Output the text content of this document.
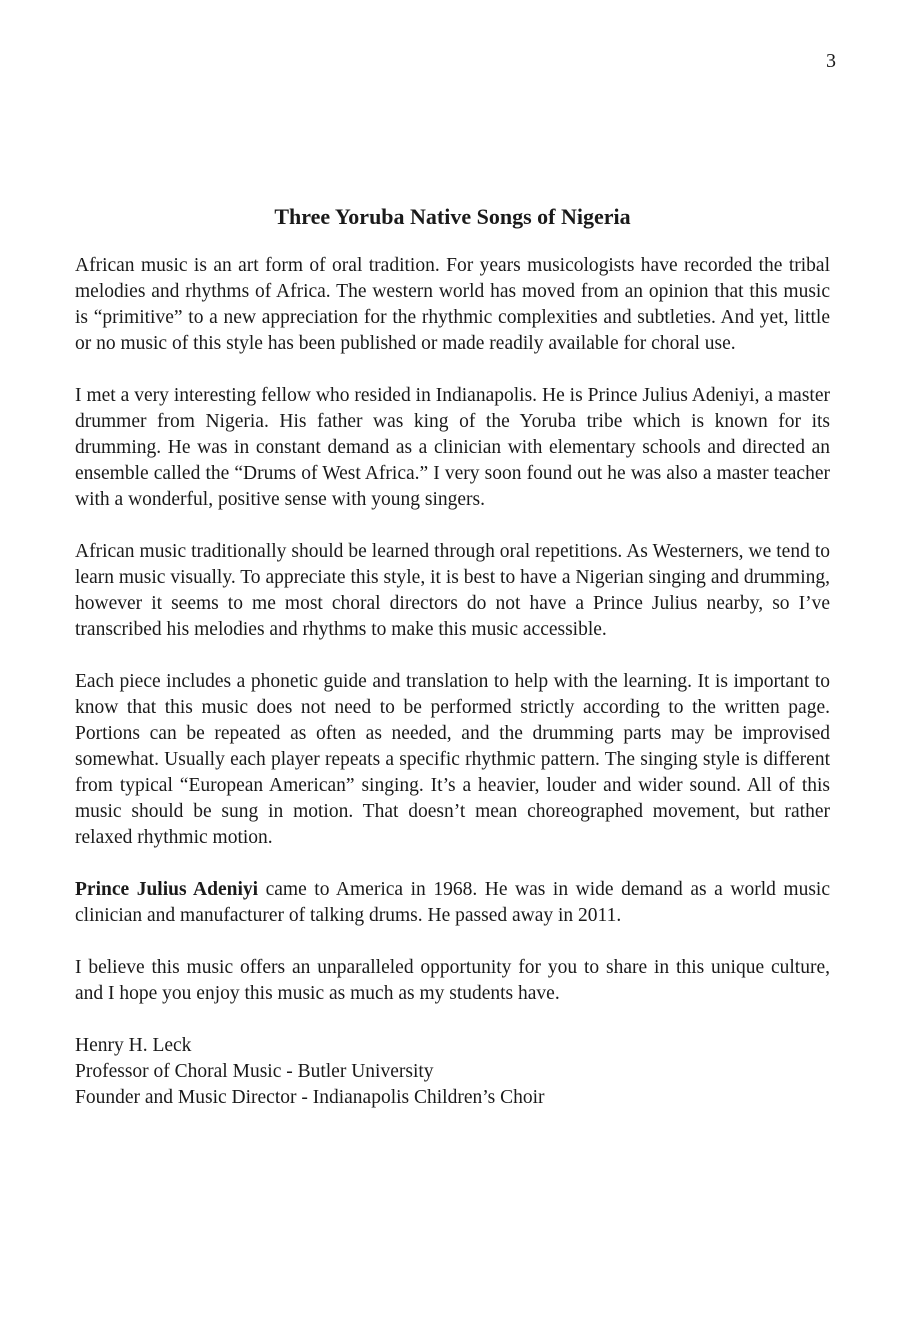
3
Three Yoruba Native Songs of Nigeria

African music is an art form of oral tradition. For years musicologists have recorded the tribal melodies and rhythms of Africa. The western world has moved from an opinion that this music is “primitive” to a new appreciation for the rhythmic complexities and subtleties. And yet, little or no music of this style has been published or made readily available for choral use.

I met a very interesting fellow who resided in Indianapolis. He is Prince Julius Adeniyi, a master drummer from Nigeria. His father was king of the Yoruba tribe which is known for its drumming. He was in constant demand as a clinician with elementary schools and directed an ensemble called the “Drums of West Africa.” I very soon found out he was also a master teacher with a wonderful, positive sense with young singers.

African music traditionally should be learned through oral repetitions. As Westerners, we tend to learn music visually. To appreciate this style, it is best to have a Nigerian singing and drumming, however it seems to me most choral directors do not have a Prince Julius nearby, so I’ve transcribed his melodies and rhythms to make this music accessible.

Each piece includes a phonetic guide and translation to help with the learning. It is important to know that this music does not need to be performed strictly according to the written page. Portions can be repeated as often as needed, and the drumming parts may be improvised somewhat. Usually each player repeats a specific rhythmic pattern. The singing style is different from typical “European American” singing. It’s a heavier, louder and wider sound. All of this music should be sung in motion. That doesn’t mean choreographed movement, but rather relaxed rhythmic motion.

Prince Julius Adeniyi came to America in 1968. He was in wide demand as a world music clinician and manufacturer of talking drums. He passed away in 2011.

I believe this music offers an unparalleled opportunity for you to share in this unique culture, and I hope you enjoy this music as much as my students have.

Henry H. Leck
Professor of Choral Music - Butler University
Founder and Music Director - Indianapolis Children’s Choir
